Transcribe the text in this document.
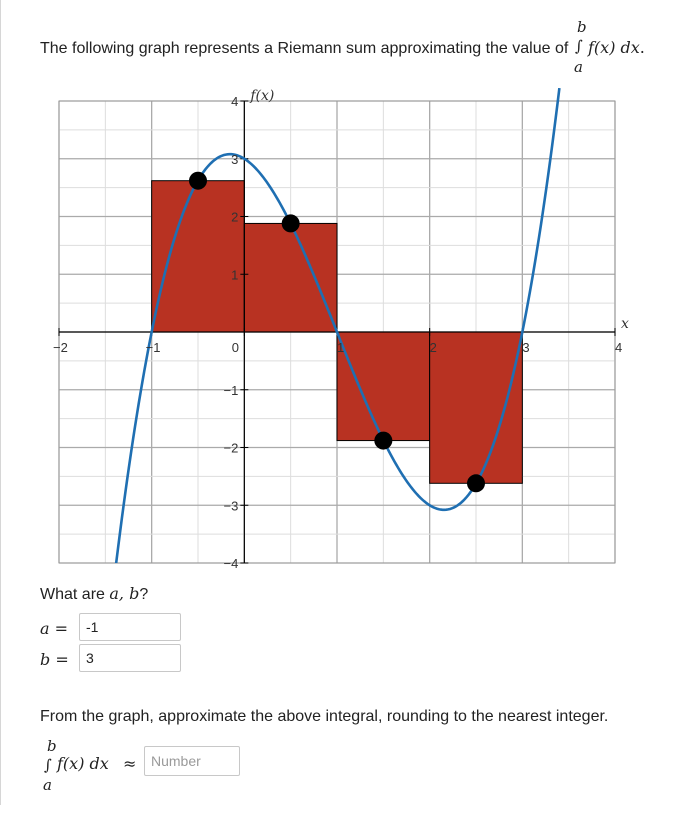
The following graph represents a Riemann sum approximating the value of
b
∫
a
f(x) dx.
−2	−1	0	1	2	3	4
−4
−3
−2
−1
1
2
3
4
x
f(x)
What are a, b?
a =
-1
b =
3
From the graph, approximate the above integral, rounding to the nearest integer.
b
∫
a
f(x) dx ≈
Number
